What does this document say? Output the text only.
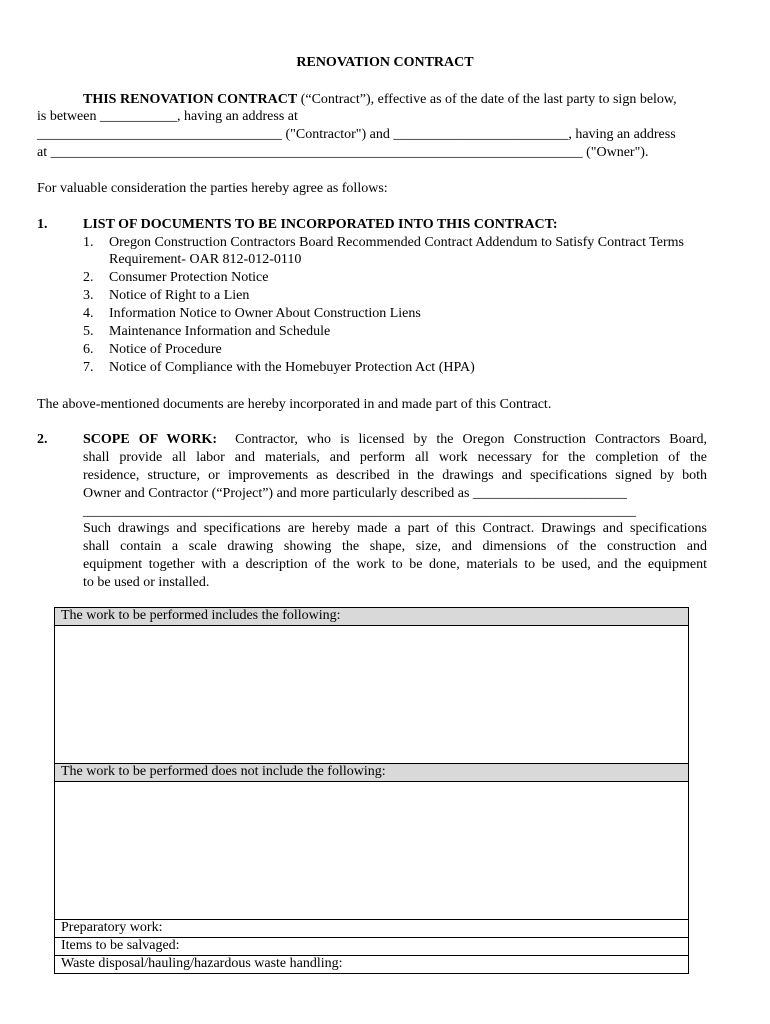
RENOVATION CONTRACT
THIS RENOVATION CONTRACT (“Contract”), effective as of the date of the last party to sign below,
is between ___________, having an address at
___________________________________ ("Contractor") and _________________________, having an address
at ____________________________________________________________________________ ("Owner").
For valuable consideration the parties hereby agree as follows:
1.	LIST OF DOCUMENTS TO BE INCORPORATED INTO THIS CONTRACT:
1. Oregon Construction Contractors Board Recommended Contract Addendum to Satisfy Contract Terms
Requirement- OAR 812-012-0110
2. Consumer Protection Notice
3. Notice of Right to a Lien
4. Information Notice to Owner About Construction Liens
5. Maintenance Information and Schedule
6. Notice of Procedure
7. Notice of Compliance with the Homebuyer Protection Act (HPA)
The above-mentioned documents are hereby incorporated in and made part of this Contract.
2.	SCOPE OF WORK: Contractor, who is licensed by the Oregon Construction Contractors Board,
shall provide all labor and materials, and perform all work necessary for the completion of the
residence, structure, or improvements as described in the drawings and specifications signed by both
Owner and Contractor (“Project”) and more particularly described as ______________________
_______________________________________________________________________________
Such drawings and specifications are hereby made a part of this Contract. Drawings and specifications
shall contain a scale drawing showing the shape, size, and dimensions of the construction and
equipment together with a description of the work to be done, materials to be used, and the equipment
to be used or installed.
The work to be performed includes the following:

The work to be performed does not include the following:

Preparatory work:
Items to be salvaged:
Waste disposal/hauling/hazardous waste handling:
